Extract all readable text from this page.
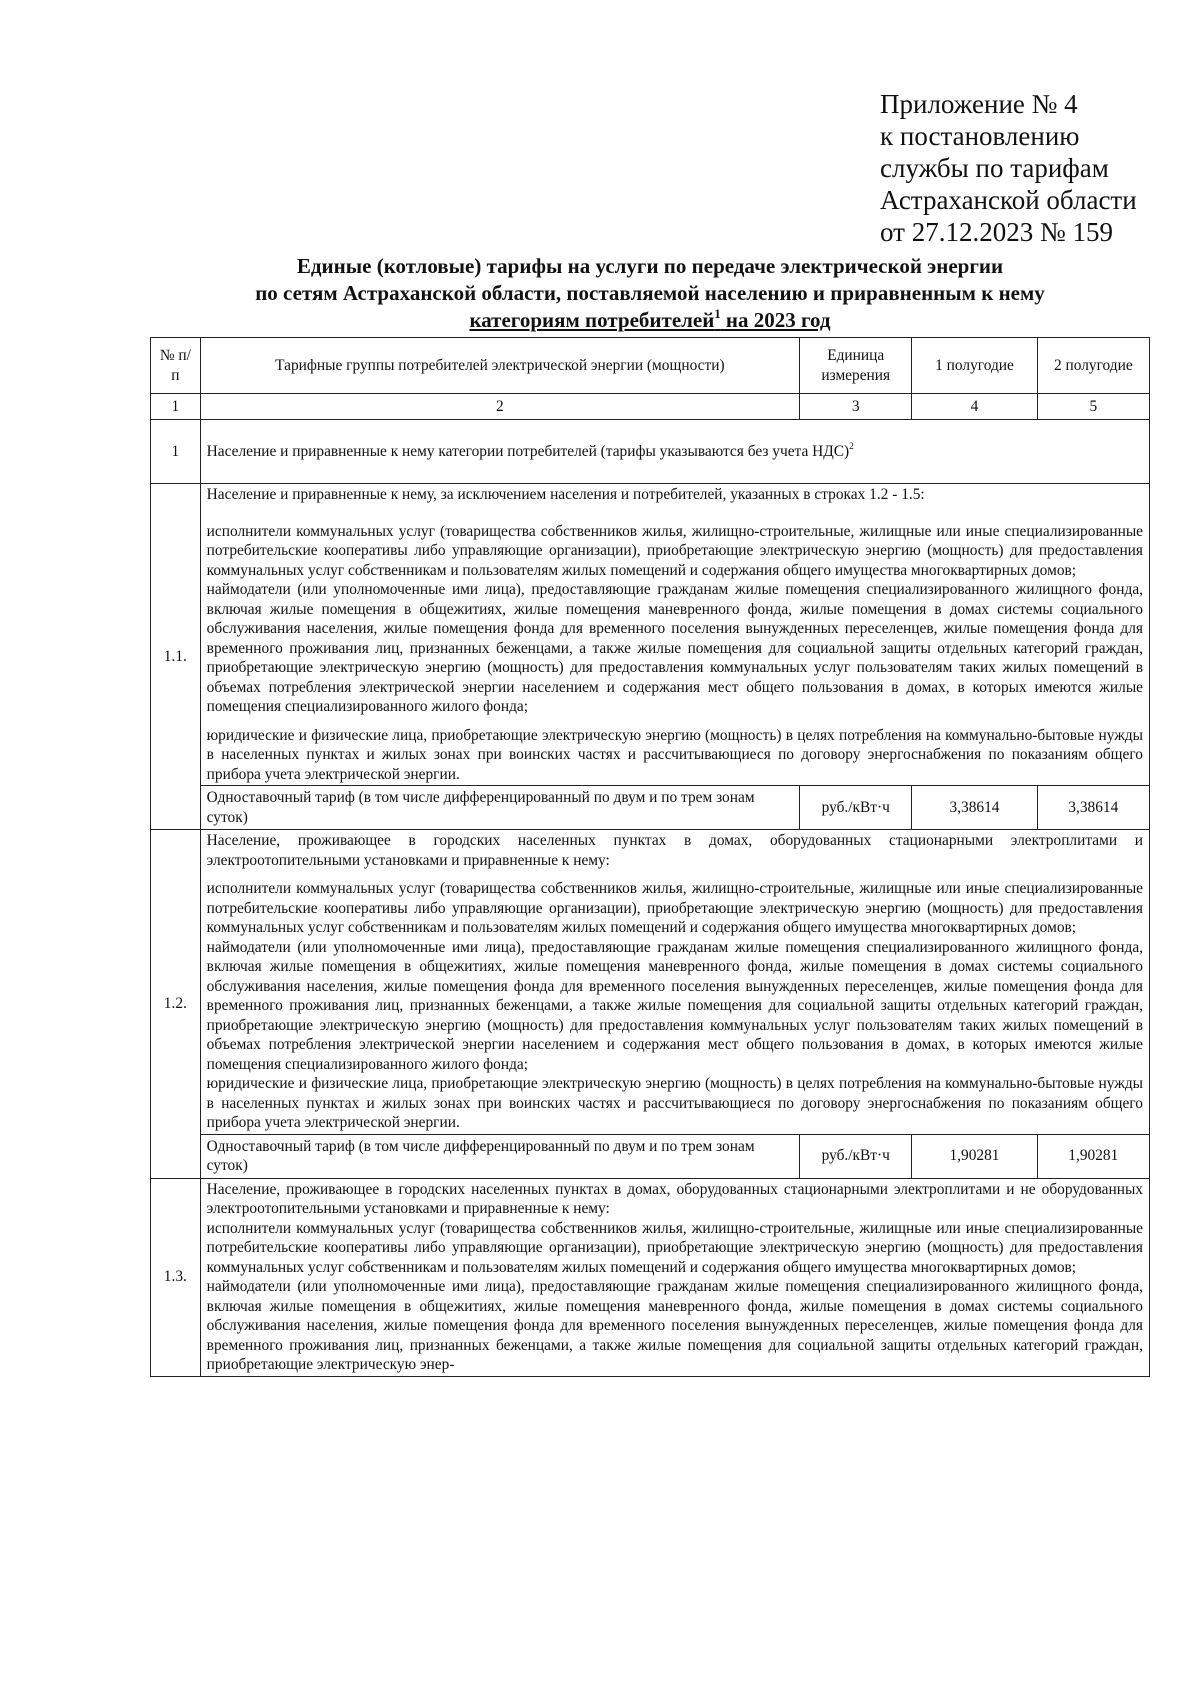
Приложение № 4
к постановлению
службы по тарифам
Астраханской области
от 27.12.2023 № 159
Единые (котловые) тарифы на услуги по передаче электрической энергии
по сетям Астраханской области, поставляемой населению и приравненным к нему
категориям потребителей$^1$ на 2023 год
№ п/п	Тарифные группы потребителей электрической энергии (мощности)	Единица измерения	1 полугодие	2 полугодие
1	2	3	4	5
1	Население и приравненные к нему категории потребителей (тарифы указываются без учета НДС)$^2$

1.1.	Население и приравненные к нему, за исключением населения и потребителей, указанных в строках 1.2 - 1.5:

исполнители коммунальных услуг (товарищества собственников жилья, жилищно-строительные, жилищные или иные специализированные потребительские кооперативы либо управляющие организации), приобретающие электрическую энергию (мощность) для предоставления коммунальных услуг собственникам и пользователям жилых помещений и содержания общего имущества многоквартирных домов;

наймодатели (или уполномоченные ими лица), предоставляющие гражданам жилые помещения специализированного жилищного фонда, включая жилые помещения в общежитиях, жилые помещения маневренного фонда, жилые помещения в домах системы социального обслуживания населения, жилые помещения фонда для временного поселения вынужденных переселенцев, жилые помещения фонда для временного проживания лиц, признанных беженцами, а также жилые помещения для социальной защиты отдельных категорий граждан, приобретающие электрическую энергию (мощность) для предоставления коммунальных услуг пользователям таких жилых помещений в объемах потребления электрической энергии населением и содержания мест общего пользования в домах, в которых имеются жилые помещения специализированного жилого фонда;

юридические и физические лица, приобретающие электрическую энергию (мощность) в целях потребления на коммунально-бытовые нужды в населенных пунктах и жилых зонах при воинских частях и рассчитывающиеся по договору энергоснабжения по показаниям общего прибора учета электрической энергии.			

	Одноставочный тариф (в том числе дифференцированный по двум и по трем зонам суток)	руб./кВт·ч	3,38614	3,38614
1.2.	Население, проживающее в городских населенных пунктах в домах, оборудованных стационарными электроплитами и электроотопительными установками и приравненные к нему:

исполнители коммунальных услуг (товарищества собственников жилья, жилищно-строительные, жилищные или иные специализированные потребительские кооперативы либо управляющие организации), приобретающие электрическую энергию (мощность) для предоставления коммунальных услуг собственникам и пользователям жилых помещений и содержания общего имущества многоквартирных домов;

наймодатели (или уполномоченные ими лица), предоставляющие гражданам жилые помещения специализированного жилищного фонда, включая жилые помещения в общежитиях, жилые помещения маневренного фонда, жилые помещения в домах системы социального обслуживания населения, жилые помещения фонда для временного поселения вынужденных переселенцев, жилые помещения фонда для временного проживания лиц, признанных беженцами, а также жилые помещения для социальной защиты отдельных категорий граждан, приобретающие электрическую энергию (мощность) для предоставления коммунальных услуг пользователям таких жилых помещений в объемах потребления электрической энергии населением и содержания мест общего пользования в домах, в которых имеются жилые помещения специализированного жилого фонда;

юридические и физические лица, приобретающие электрическую энергию (мощность) в целях потребления на коммунально-бытовые нужды в населенных пунктах и жилых зонах при воинских частях и рассчитывающиеся по договору энергоснабжения по показаниям общего прибора учета электрической энергии.			

	Одноставочный тариф (в том числе дифференцированный по двум и по трем зонам суток)	руб./кВт·ч	1,90281	1,90281
1.3.	Население, проживающее в городских населенных пунктах в домах, оборудованных стационарными электроплитами и не оборудованных электроотопительными установками и приравненные к нему:

исполнители коммунальных услуг (товарищества собственников жилья, жилищно-строительные, жилищные или иные специализированные потребительские кооперативы либо управляющие организации), приобретающие электрическую энергию (мощность) для предоставления коммунальных услуг собственникам и пользователям жилых помещений и содержания общего имущества многоквартирных домов;

наймодатели (или уполномоченные ими лица), предоставляющие гражданам жилые помещения специализированного жилищного фонда, включая жилые помещения в общежитиях, жилые помещения маневренного фонда, жилые помещения в домах системы социального обслуживания населения, жилые помещения фонда для временного поселения вынужденных переселенцев, жилые помещения фонда для временного проживания лиц, признанных беженцами, а также жилые помещения для социальной защиты отдельных категорий граждан, приобретающие электрическую энер-			
